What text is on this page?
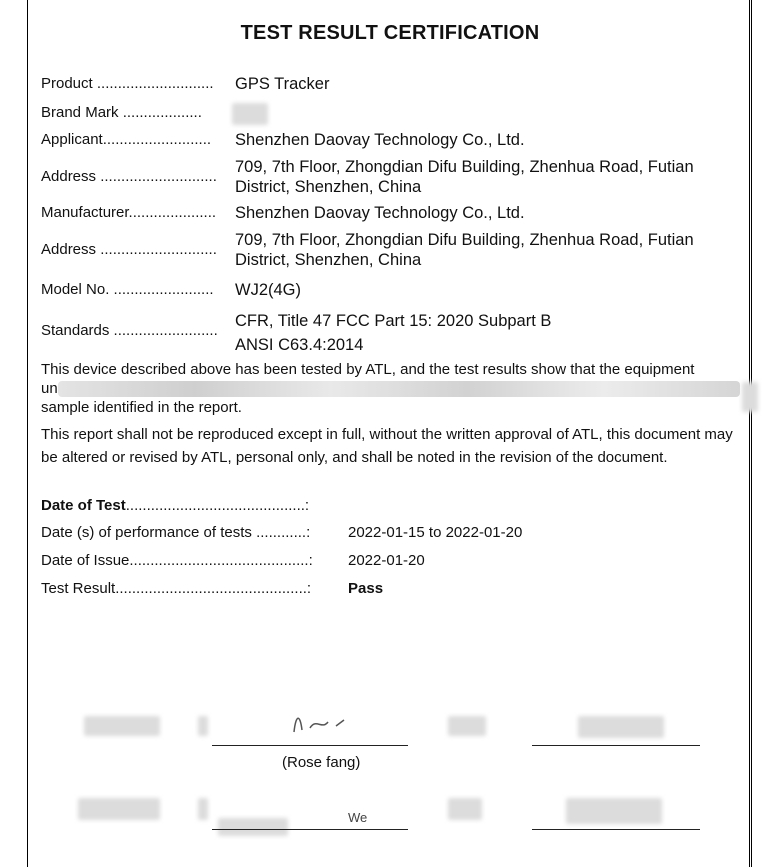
TEST RESULT CERTIFICATION
Product ............................	GPS Tracker
Brand Mark ...................
Applicant..........................	Shenzhen Daovay Technology Co., Ltd.
Address ............................
709, 7th Floor, Zhongdian Difu Building, Zhenhua Road, Futian District, Shenzhen, China
Manufacturer.....................	Shenzhen Daovay Technology Co., Ltd.
Address ............................
709, 7th Floor, Zhongdian Difu Building, Zhenhua Road, Futian District, Shenzhen, China
Model No. ........................	WJ2(4G)
Standards .........................
CFR, Title 47 FCC Part 15: 2020 Subpart B
ANSI C63.4:2014
This device described above has been tested by ATL, and the test results show that the equipment
un
sample identified in the report.
This report shall not be reproduced except in full, without the written approval of ATL, this document may be altered or revised by ATL, personal only, and shall be noted in the revision of the document.
Date of Test...........................................:
Date (s) of performance of tests ............:	2022-01-15 to 2022-01-20
Date of Issue...........................................: 2022-01-20
Test Result..............................................: Pass
(Rose fang)
We
